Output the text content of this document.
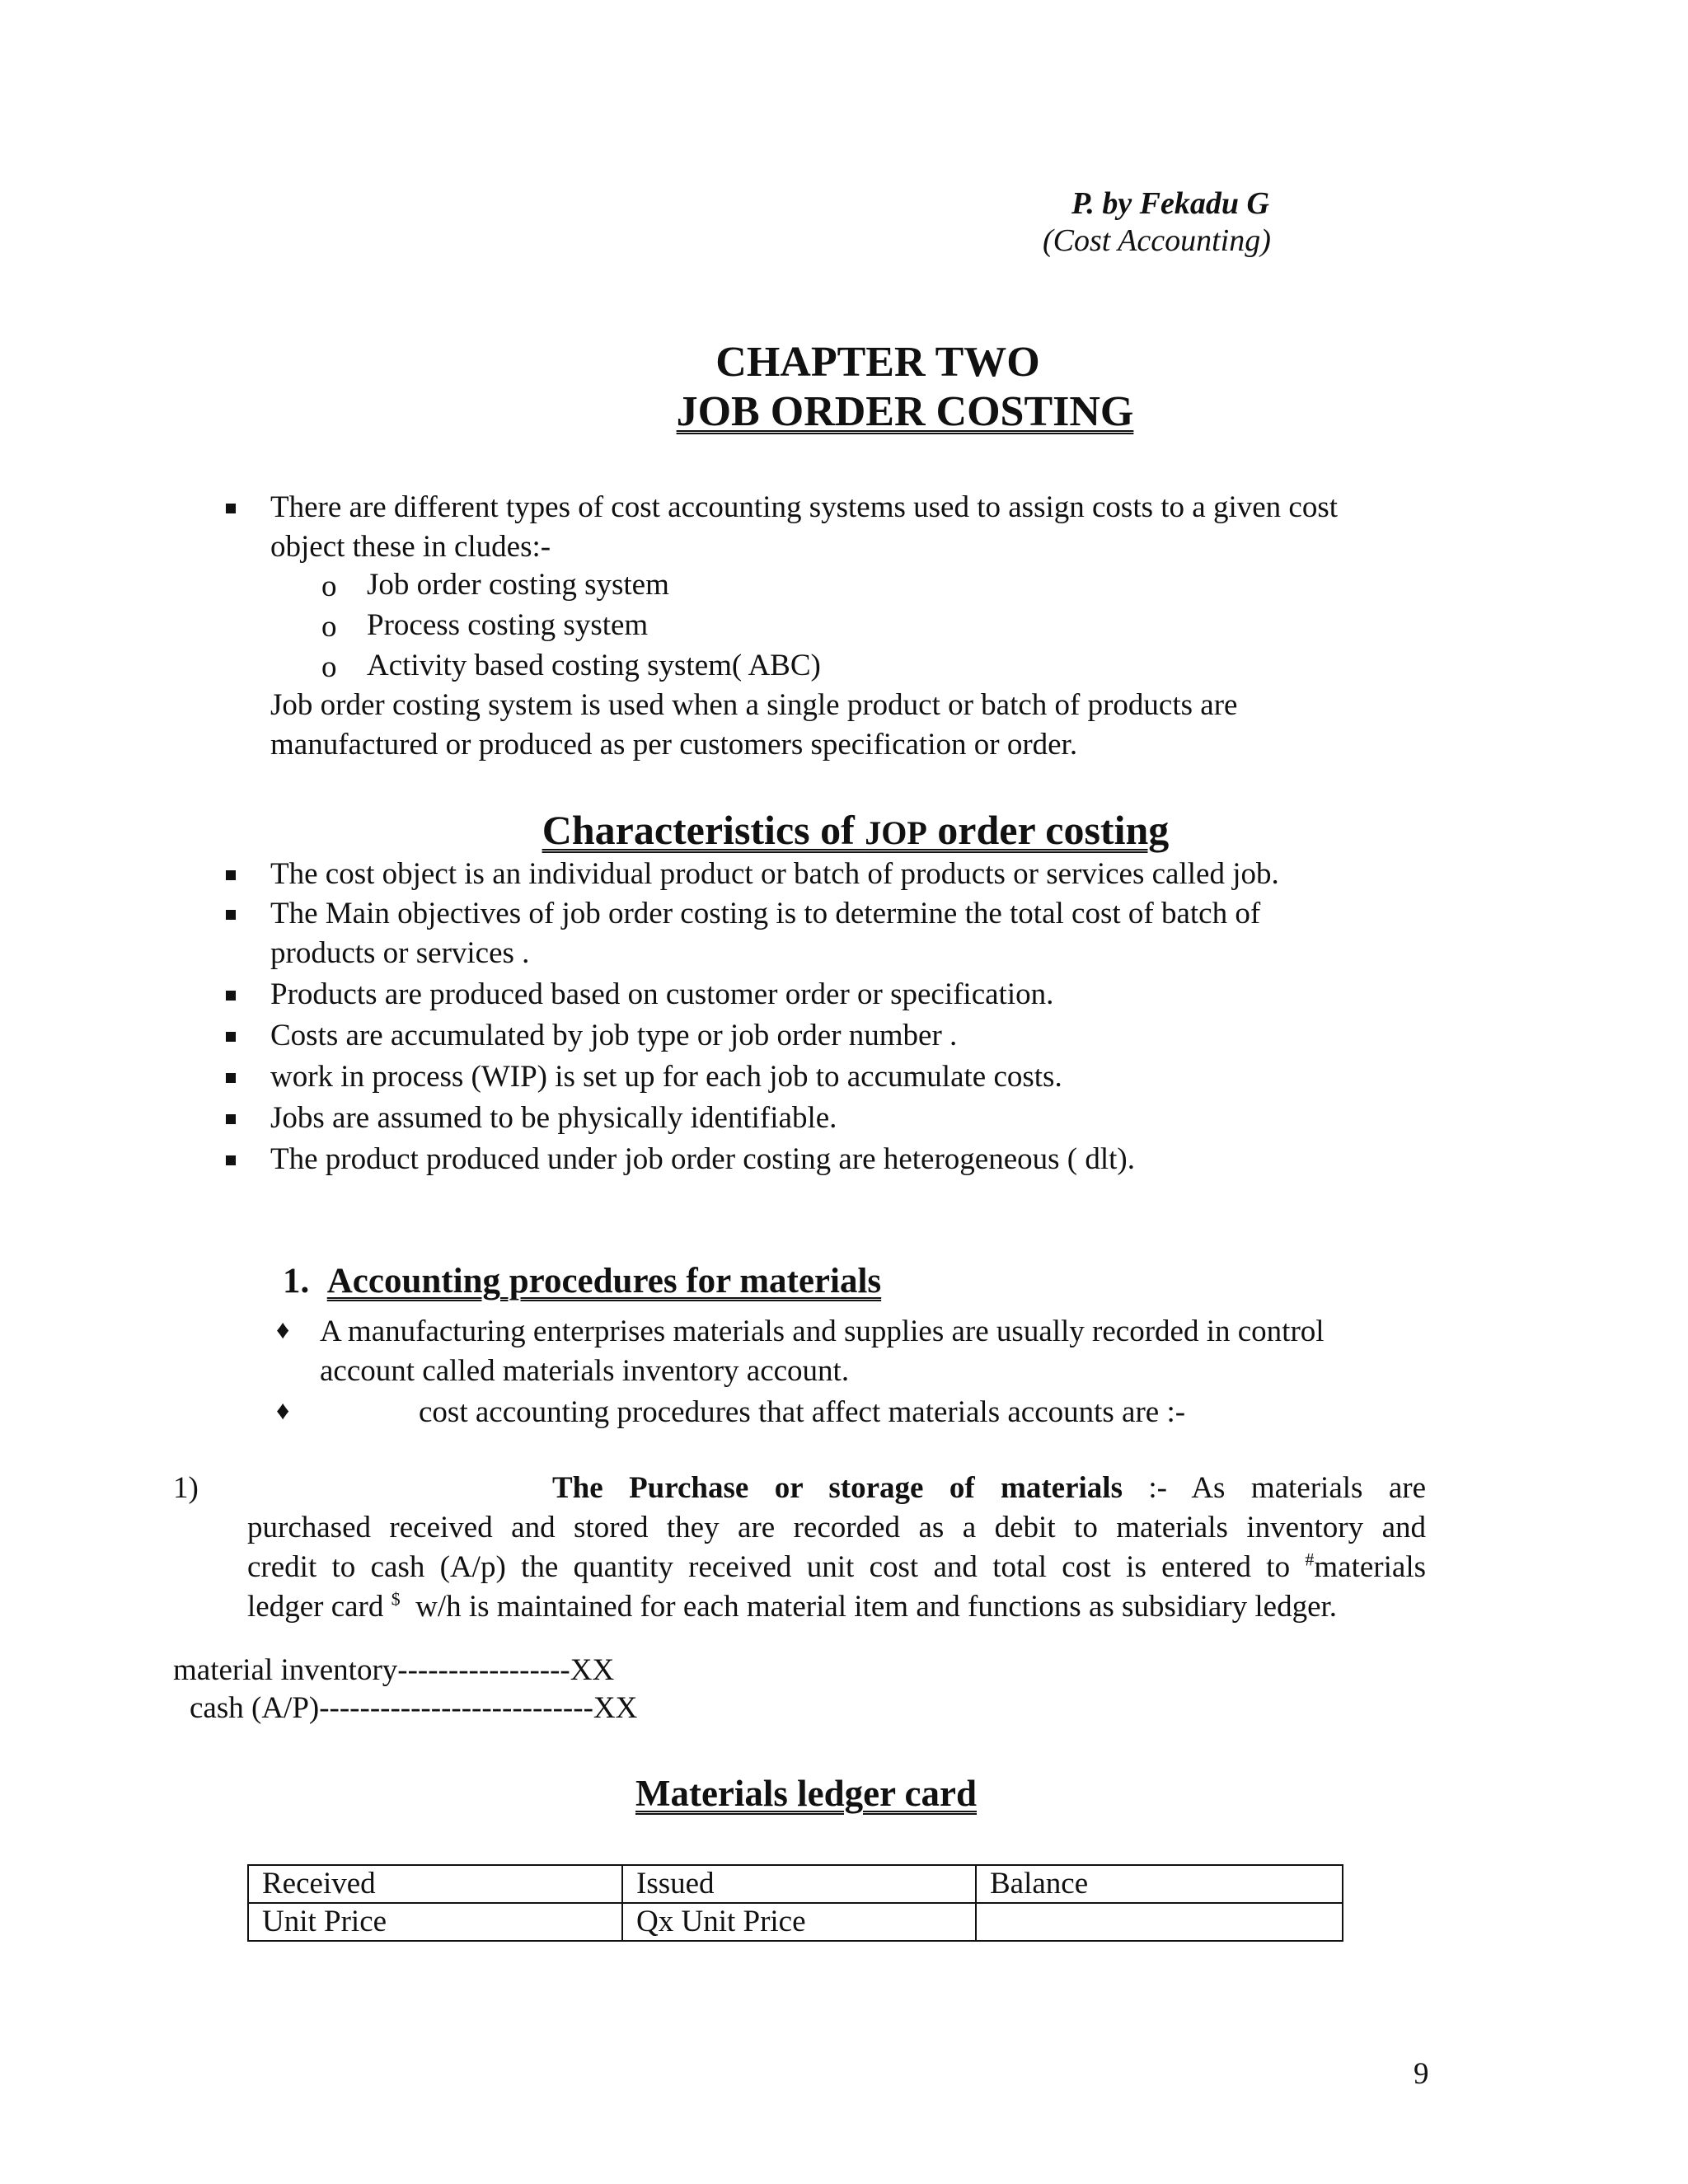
P. by Fekadu G
(Cost Accounting)
CHAPTER TWO
JOB ORDER COSTING
There are different types of cost accounting systems used to assign costs to a given cost
object these in cludes:-
o Job order costing system
o Process costing system
o Activity based costing system( ABC)
Job order costing system is used when a single product or batch of products are
manufactured or produced as per customers specification or order.
Characteristics of JOP order costing
The cost object is an individual product or batch of products or services called job.
The Main objectives of job order costing is to determine the total cost of batch of
products or services .
Products are produced based on customer order or specification.
Costs are accumulated by job type or job order number .
work in process (WIP) is set up for each job to accumulate costs.
Jobs are assumed to be physically identifiable.
The product produced under job order costing are heterogeneous ( dlt).
1. Accounting procedures for materials
♦ A manufacturing enterprises materials and supplies are usually recorded in control
account called materials inventory account.
♦	cost accounting procedures that affect materials accounts are :-
1)	The Purchase or storage of materials :- As materials are
purchased received and stored they are recorded as a debit to materials inventory and
credit to cash (A/p) the quantity received unit cost and total cost is entered to #materials
ledger card $ w/h is maintained for each material item and functions as subsidiary ledger.
material inventory-----------------XX
cash (A/P)---------------------------XX
Materials ledger card
Received	Issued	Balance
Unit Price	Qx Unit Price	
9
